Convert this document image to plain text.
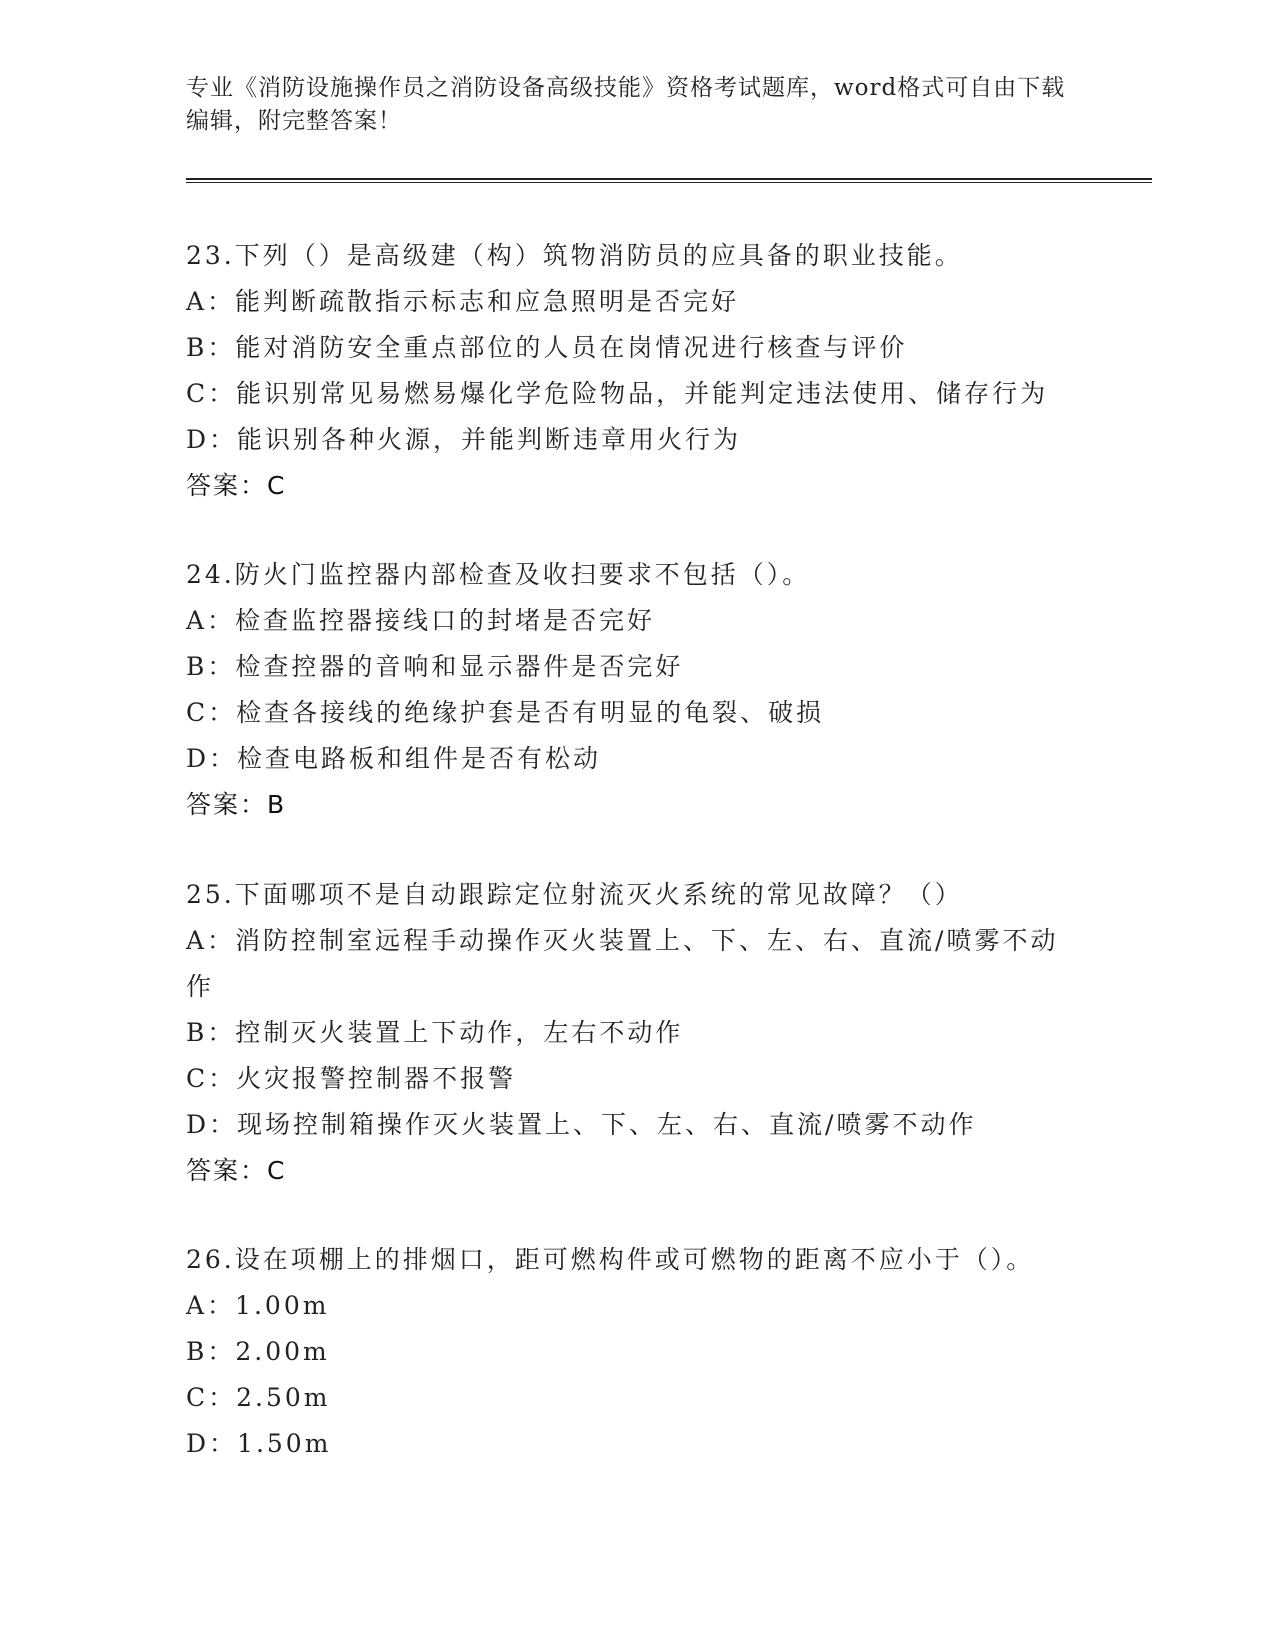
专业《消防设施操作员之消防设备高级技能》资格考试题库，word格式可自由下载编辑，附完整答案！
23.下列（）是高级建（构）筑物消防员的应具备的职业技能。
A：能判断疏散指示标志和应急照明是否完好
B：能对消防安全重点部位的人员在岗情况进行核查与评价
C：能识别常见易燃易爆化学危险物品，并能判定违法使用、储存行为
D：能识别各种火源，并能判断违章用火行为
答案：C
24.防火门监控器内部检查及收扫要求不包括（）。
A：检查监控器接线口的封堵是否完好
B：检查控器的音响和显示器件是否完好
C：检查各接线的绝缘护套是否有明显的龟裂、破损
D：检查电路板和组件是否有松动
答案：B
25.下面哪项不是自动跟踪定位射流灭火系统的常见故障？（）
A：消防控制室远程手动操作灭火装置上、下、左、右、直流/喷雾不动作
B：控制灭火装置上下动作，左右不动作
C：火灾报警控制器不报警
D：现场控制箱操作灭火装置上、下、左、右、直流/喷雾不动作
答案：C
26.设在项棚上的排烟口，距可燃构件或可燃物的距离不应小于（）。
A：1.00m
B：2.00m
C：2.50m
D：1.50m
